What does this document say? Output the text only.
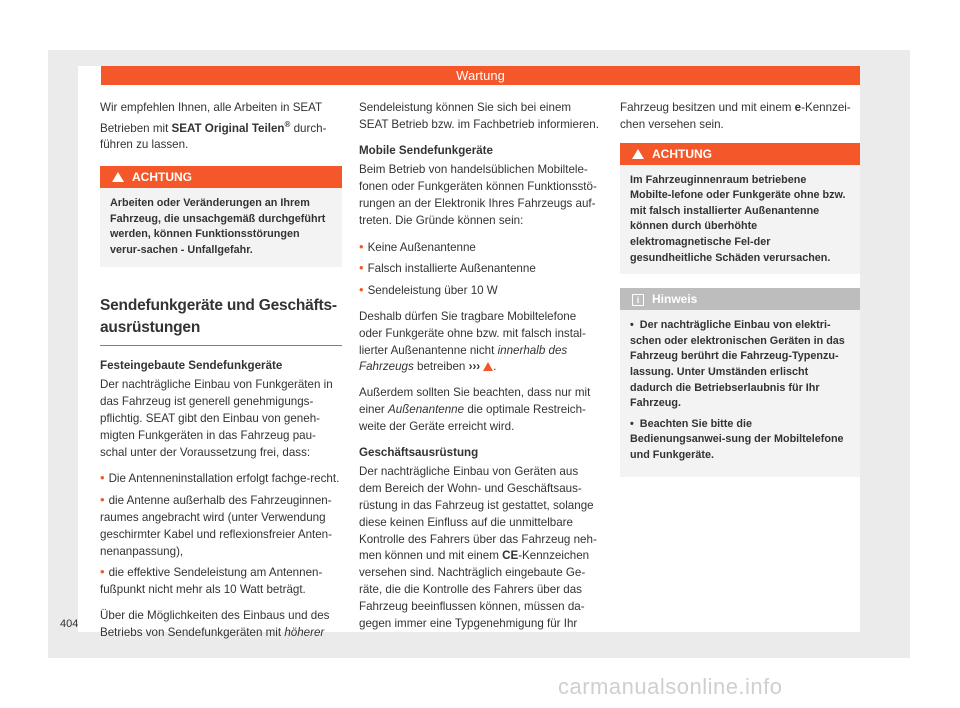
Wartung

Wir empfehlen Ihnen, alle Arbeiten in SEAT Betrieben mit SEAT Original Teilen® durch-führen zu lassen.

ACHTUNG
Arbeiten oder Veränderungen an Ihrem Fahrzeug, die unsachgemäß durchgeführt werden, können Funktionsstörungen verur-sachen - Unfallgefahr.
Sendefunkgeräte und Geschäfts-ausrüstungen
Festeingebaute Sendefunkgeräte

Der nachträgliche Einbau von Funkgeräten in das Fahrzeug ist generell genehmigungs-pflichtig. SEAT gibt den Einbau von geneh-migten Funkgeräten in das Fahrzeug pau-schal unter der Voraussetzung frei, dass:

• Die Antenneninstallation erfolgt fachge-recht.
• die Antenne außerhalb des Fahrzeuginnen-raumes angebracht wird (unter Verwendung geschirmter Kabel und reflexionsfreier Anten-nenanpassung),
• die effektive Sendeleistung am Antennen-fußpunkt nicht mehr als 10 Watt beträgt.

Über die Möglichkeiten des Einbaus und des Betriebs von Sendefunkgeräten mit höherer

Sendeleistung können Sie sich bei einem SEAT Betrieb bzw. im Fachbetrieb informieren.

Mobile Sendefunkgeräte

Beim Betrieb von handelsüblichen Mobiltele-fonen oder Funkgeräten können Funktionsstö-rungen an der Elektronik Ihres Fahrzeugs auf-treten. Die Gründe können sein:

• Keine Außenantenne
• Falsch installierte Außenantenne
• Sendeleistung über 10 W

Deshalb dürfen Sie tragbare Mobiltelefone oder Funkgeräte ohne bzw. mit falsch instal-lierter Außenantenne nicht innerhalb des Fahrzeugs betreiben ››› .

Außerdem sollten Sie beachten, dass nur mit einer Außenantenne die optimale Restreich-weite der Geräte erreicht wird.

Geschäftsausrüstung

Der nachträgliche Einbau von Geräten aus dem Bereich der Wohn- und Geschäftsaus-rüstung in das Fahrzeug ist gestattet, solange diese keinen Einfluss auf die unmittelbare Kontrolle des Fahrers über das Fahrzeug neh-men können und mit einem CE-Kennzeichen versehen sind. Nachträglich eingebaute Ge-räte, die die Kontrolle des Fahrers über das Fahrzeug beeinflussen können, müssen da-gegen immer eine Typgenehmigung für Ihr

Fahrzeug besitzen und mit einem e-Kennzei-chen versehen sein.

ACHTUNG
Im Fahrzeuginnenraum betriebene Mobilte-lefone oder Funkgeräte ohne bzw. mit falsch installierter Außenantenne können durch überhöhte elektromagnetische Fel-der gesundheitliche Schäden verursachen.
i Hinweis
•  Der nachträgliche Einbau von elektri-schen oder elektronischen Geräten in das Fahrzeug berührt die Fahrzeug-Typenzu-lassung. Unter Umständen erlischt dadurch die Betriebserlaubnis für Ihr Fahrzeug.
•  Beachten Sie bitte die Bedienungsanwei-sung der Mobiltelefone und Funkgeräte.
404
carmanualsonline.info
